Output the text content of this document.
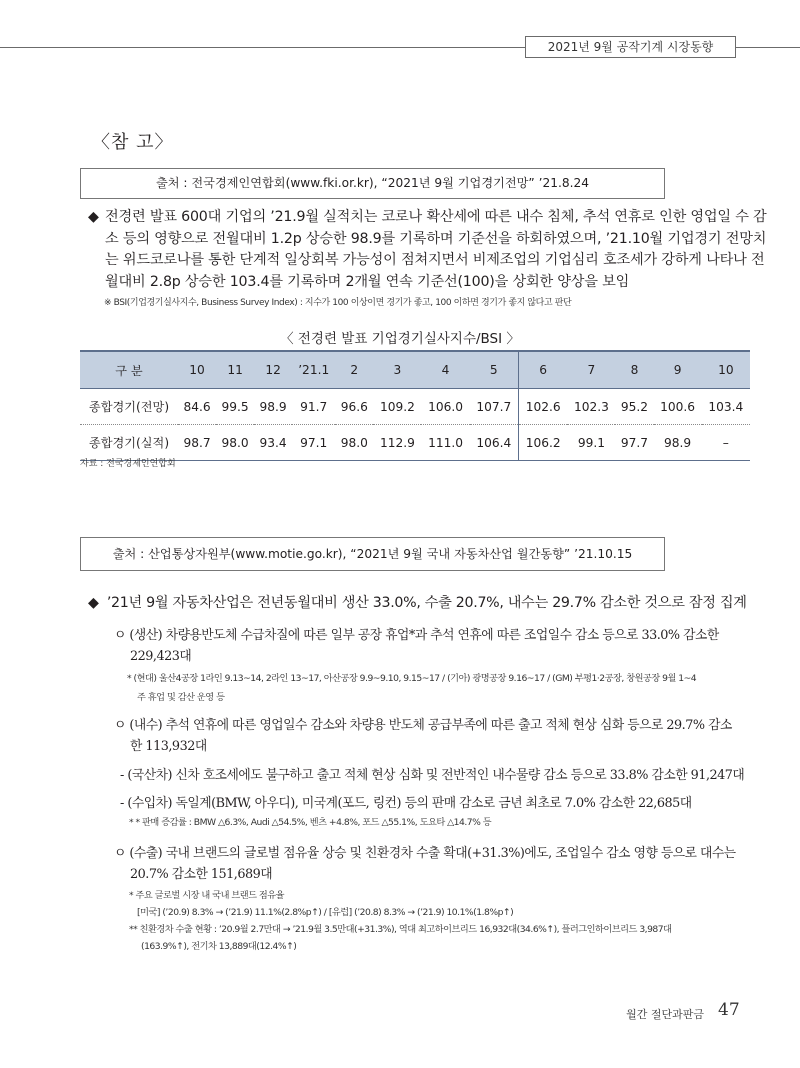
2021년 9월 공작기계 시장동향
〈참 고〉
출처 : 전국경제인연합회(www.fki.or.kr), “2021년 9월 기업경기전망” ’21.8.24
◆ 전경련 발표 600대 기업의 ’21.9월 실적치는 코로나 확산세에 따른 내수 침체, 추석 연휴로 인한 영업일 수 감
소 등의 영향으로 전월대비 1.2p 상승한 98.9를 기록하며 기준선을 하회하였으며, ’21.10월 기업경기 전망치
는 위드코로나를 통한 단계적 일상회복 가능성이 점쳐지면서 비제조업의 기업심리 호조세가 강하게 나타나 전
월대비 2.8p 상승한 103.4를 기록하며 2개월 연속 기준선(100)을 상회한 양상을 보임
※ BSI(기업경기실사지수, Business Survey Index) : 지수가 100 이상이면 경기가 좋고, 100 이하면 경기가 좋지 않다고 판단
〈 전경련 발표 기업경기실사지수/BSI 〉
구 분	10	11	12	’21.1	2	3	4	5	6	7	8	9	10
종합경기(전망)	84.6	99.5	98.9	91.7	96.6	109.2	106.0	107.7	102.6	102.3	95.2	100.6	103.4
종합경기(실적)	98.7	98.0	93.4	97.1	98.0	112.9	111.0	106.4	106.2	99.1	97.7	98.9	–
자료 : 전국경제인연합회
출처 : 산업통상자원부(www.motie.go.kr), “2021년 9월 국내 자동차산업 월간동향” ’21.10.15
◆ ’21년 9월 자동차산업은 전년동월대비 생산 33.0%, 수출 20.7%, 내수는 29.7% 감소한 것으로 잠정 집계
ㅇ (생산) 차량용반도체 수급차질에 따른 일부 공장 휴업*과 추석 연휴에 따른 조업일수 감소 등으로 33.0% 감소한
229,423대
* (현대) 울산4공장 1라인 9.13~14, 2라인 13~17, 아산공장 9.9~9.10, 9.15~17 / (기아) 광명공장 9.16~17 / (GM) 부평1·2공장, 창원공장 9월 1~4
주 휴업 및 감산 운영 등
ㅇ (내수) 추석 연휴에 따른 영업일수 감소와 차량용 반도체 공급부족에 따른 출고 적체 현상 심화 등으로 29.7% 감소
한 113,932대
- (국산차) 신차 호조세에도 불구하고 출고 적체 현상 심화 및 전반적인 내수물량 감소 등으로 33.8% 감소한 91,247대
- (수입차) 독일계(BMW, 아우디), 미국계(포드, 링컨) 등의 판매 감소로 금년 최초로 7.0% 감소한 22,685대
* * 판매 증감률 : BMW △6.3%, Audi △54.5%, 벤츠 +4.8%, 포드 △55.1%, 도요타 △14.7% 등
ㅇ (수출) 국내 브랜드의 글로벌 점유율 상승 및 친환경차 수출 확대(+31.3%)에도, 조업일수 감소 영향 등으로 대수는
20.7% 감소한 151,689대
* 주요 글로벌 시장 내 국내 브랜드 점유율
[미국] (’20.9) 8.3% → (’21.9) 11.1%(2.8%p↑) / [유럽] (’20.8) 8.3% → (’21.9) 10.1%(1.8%p↑)
** 친환경차 수출 현황 : ’20.9월 2.7만대 → ’21.9월 3.5만대(+31.3%), 역대 최고하이브리드 16,932대(34.6%↑), 플러그인하이브리드 3,987대
(163.9%↑), 전기차 13,889대(12.4%↑)
월간 절단과판금 47
